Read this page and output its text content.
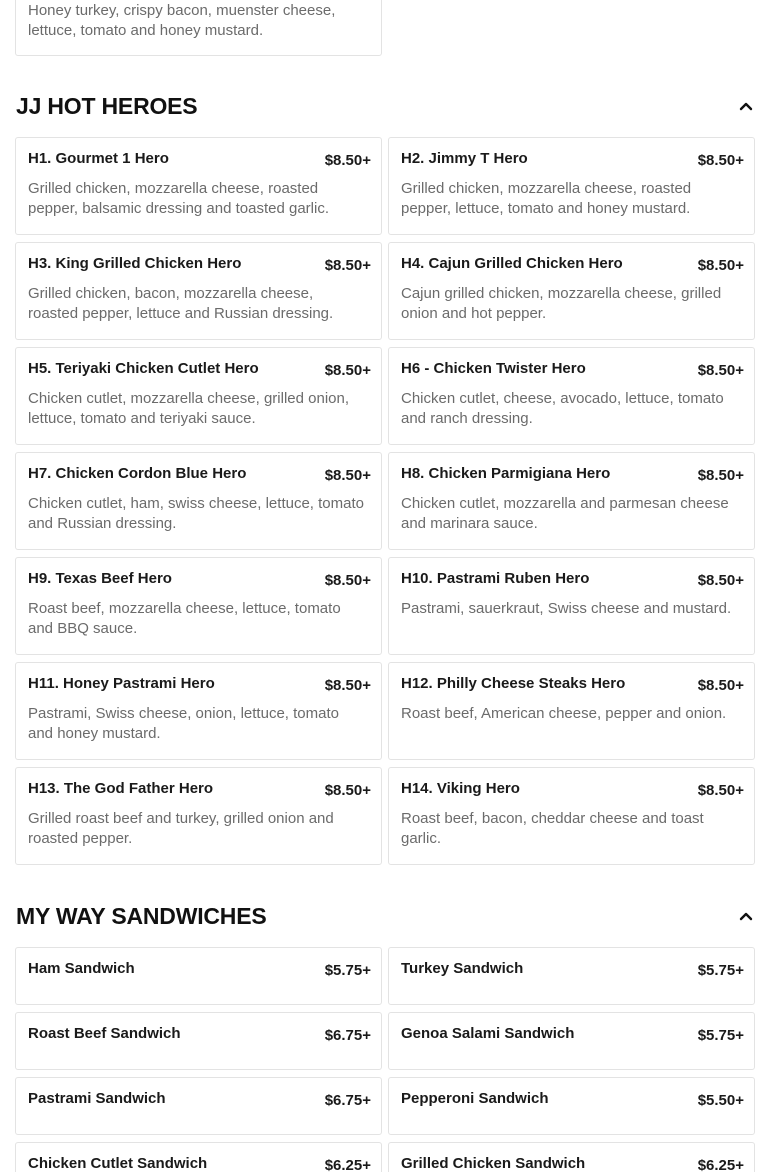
Honey turkey, crispy bacon, muenster cheese, lettuce, tomato and honey mustard.
JJ HOT HEROES
H1. Gourmet 1 Hero	$8.50+
Grilled chicken, mozzarella cheese, roasted pepper, balsamic dressing and toasted garlic.
H2. Jimmy T Hero	$8.50+
Grilled chicken, mozzarella cheese, roasted pepper, lettuce, tomato and honey mustard.
H3. King Grilled Chicken Hero	$8.50+
Grilled chicken, bacon, mozzarella cheese, roasted pepper, lettuce and Russian dressing.
H4. Cajun Grilled Chicken Hero	$8.50+
Cajun grilled chicken, mozzarella cheese, grilled onion and hot pepper.
H5. Teriyaki Chicken Cutlet Hero	$8.50+
Chicken cutlet, mozzarella cheese, grilled onion, lettuce, tomato and teriyaki sauce.
H6 - Chicken Twister Hero	$8.50+
Chicken cutlet, cheese, avocado, lettuce, tomato and ranch dressing.
H7. Chicken Cordon Blue Hero	$8.50+
Chicken cutlet, ham, swiss cheese, lettuce, tomato and Russian dressing.
H8. Chicken Parmigiana Hero	$8.50+
Chicken cutlet, mozzarella and parmesan cheese and marinara sauce.
H9. Texas Beef Hero	$8.50+
Roast beef, mozzarella cheese, lettuce, tomato and BBQ sauce.
H10. Pastrami Ruben Hero	$8.50+
Pastrami, sauerkraut, Swiss cheese and mustard.
H11. Honey Pastrami Hero	$8.50+
Pastrami, Swiss cheese, onion, lettuce, tomato and honey mustard.
H12. Philly Cheese Steaks Hero	$8.50+
Roast beef, American cheese, pepper and onion.
H13. The God Father Hero	$8.50+
Grilled roast beef and turkey, grilled onion and roasted pepper.
H14. Viking Hero	$8.50+
Roast beef, bacon, cheddar cheese and toast garlic.
MY WAY SANDWICHES
Ham Sandwich	$5.75+ Turkey Sandwich	$5.75+
Roast Beef Sandwich	$6.75+ Genoa Salami Sandwich	$5.75+
Pastrami Sandwich	$6.75+ Pepperoni Sandwich	$5.50+
Chicken Cutlet Sandwich	$6.25+ Grilled Chicken Sandwich	$6.25+
